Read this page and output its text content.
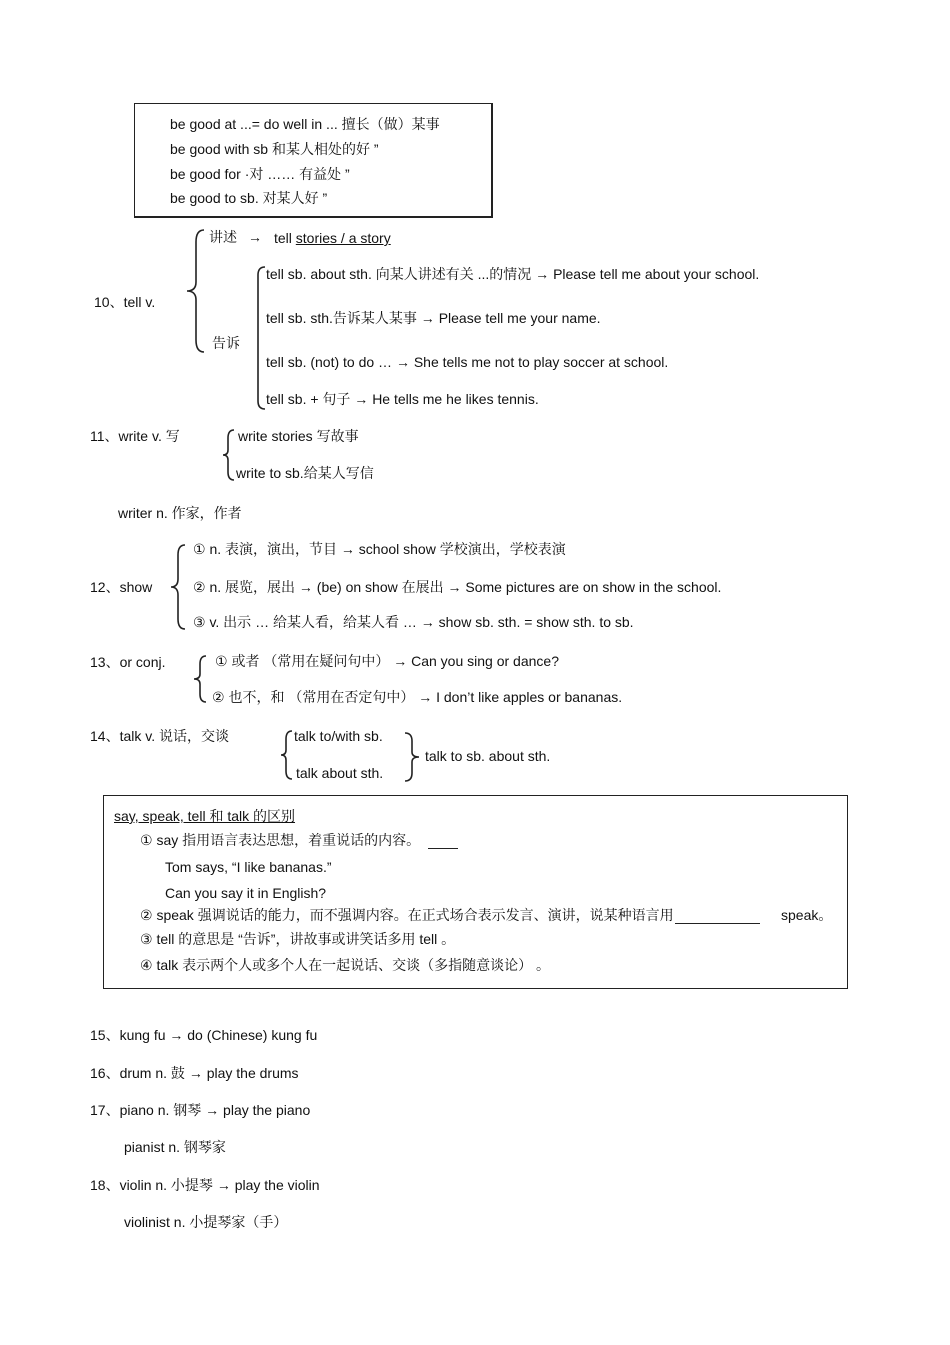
be good at ...= do well in ... 擅长（做）某事
be good with sb 和某人相处的好 ”
be good for ·对 …… 有益处 ”
be good to sb. 对某人好 ”
10、tell v.
讲述 → tell stories / a story
告诉
tell sb. about sth. 向某人讲述有关 ...的情况 → Please tell me about your school.
tell sb. sth.告诉某人某事 → Please tell me your name.
tell sb. (not) to do … → She tells me not to play soccer at school.
tell sb. + 句子 → He tells me he likes tennis.
11、write v. 写	write stories 写故事
write to sb.给某人写信
writer n. 作家，作者
12、show
① n. 表演，演出，节目 → school show 学校演出，学校表演
② n. 展览，展出 → (be) on show 在展出 → Some pictures are on show in the school.
③ v. 出示 … 给某人看，给某人看 … → show sb. sth. = show sth. to sb.
13、or conj.	① 或者 （常用在疑问句中） → Can you sing or dance?
② 也不，和 （常用在否定句中） → I don’t like apples or bananas.
14、talk v. 说话，交谈	talk to/with sb.
talk about sth.
talk to sb. about sth.
say, speak, tell 和 talk 的区别
① say 指用语言表达思想，着重说话的内容。
Tom says, “I like bananas.”
Can you say it in English?
② speak 强调说话的能力，而不强调内容。在正式场合表示发言、演讲，说某种语言用	speak。
③ tell 的意思是 “告诉”，讲故事或讲笑话多用 tell 。
④ talk 表示两个人或多个人在一起说话、交谈（多指随意谈论） 。
15、kung fu → do (Chinese) kung fu
16、drum n. 鼓 → play the drums
17、piano n. 钢琴 → play the piano
pianist n. 钢琴家
18、violin n. 小提琴 → play the violin
violinist n. 小提琴家（手）
